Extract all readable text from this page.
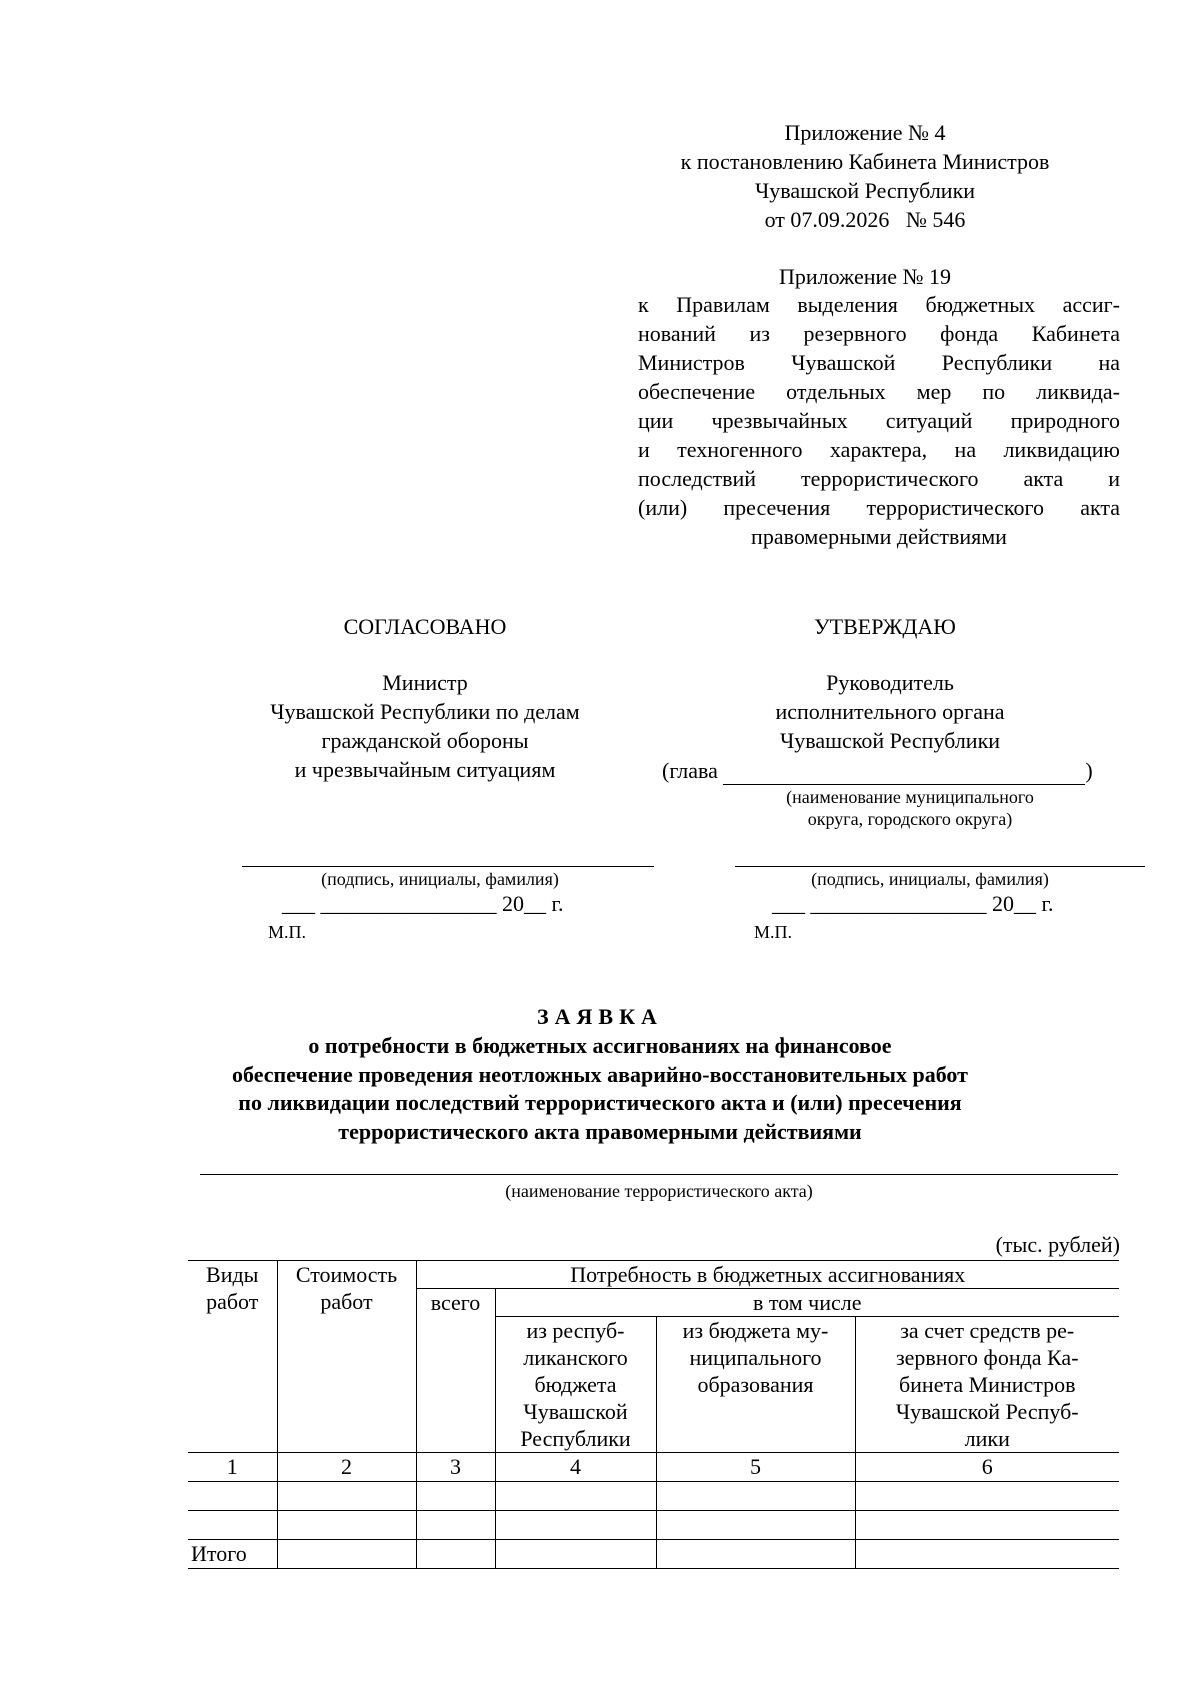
Приложение № 4
к постановлению Кабинета Министров
Чувашской Республики
от 07.09.2026   № 546
Приложение № 19
к Правилам выделения бюджетных ассиг-
нований из резервного фонда Кабинета
Министров Чувашской Республики на
обеспечение отдельных мер по ликвида-
ции чрезвычайных ситуаций природного
и техногенного характера, на ликвидацию
последствий террористического акта и
(или) пресечения террористического акта
правомерными действиями
СОГЛАСОВАНО	УТВЕРЖДАЮ
Министр
Чувашской Республики по делам
гражданской обороны
и чрезвычайным ситуациям
Руководитель
исполнительного органа
Чувашской Республики
(глава	)
(наименование муниципального
округа, городского округа)
(подпись, инициалы, фамилия)	(подпись, инициалы, фамилия)
___ ________________ 20__ г.	___ ________________ 20__ г.
М.П.	М.П.
ЗАЯВКА
о потребности в бюджетных ассигнованиях на финансовое
обеспечение проведения неотложных аварийно-восстановительных работ
по ликвидации последствий террористического акта и (или) пресечения
террористического акта правомерными действиями
(наименование террористического акта)
(тыс. рублей)
Виды работ	Стоимость работ	Потребность в бюджетных ассигнованиях			
		всего	в том числе		
			из респуб-ликанского бюджета Чувашской Республики	из бюджета му-ниципального образования	за счет средств ре-зервного фонда Ка-бинета Министров Чувашской Респуб-лики
1	2	3	4	5	6

Итого					
